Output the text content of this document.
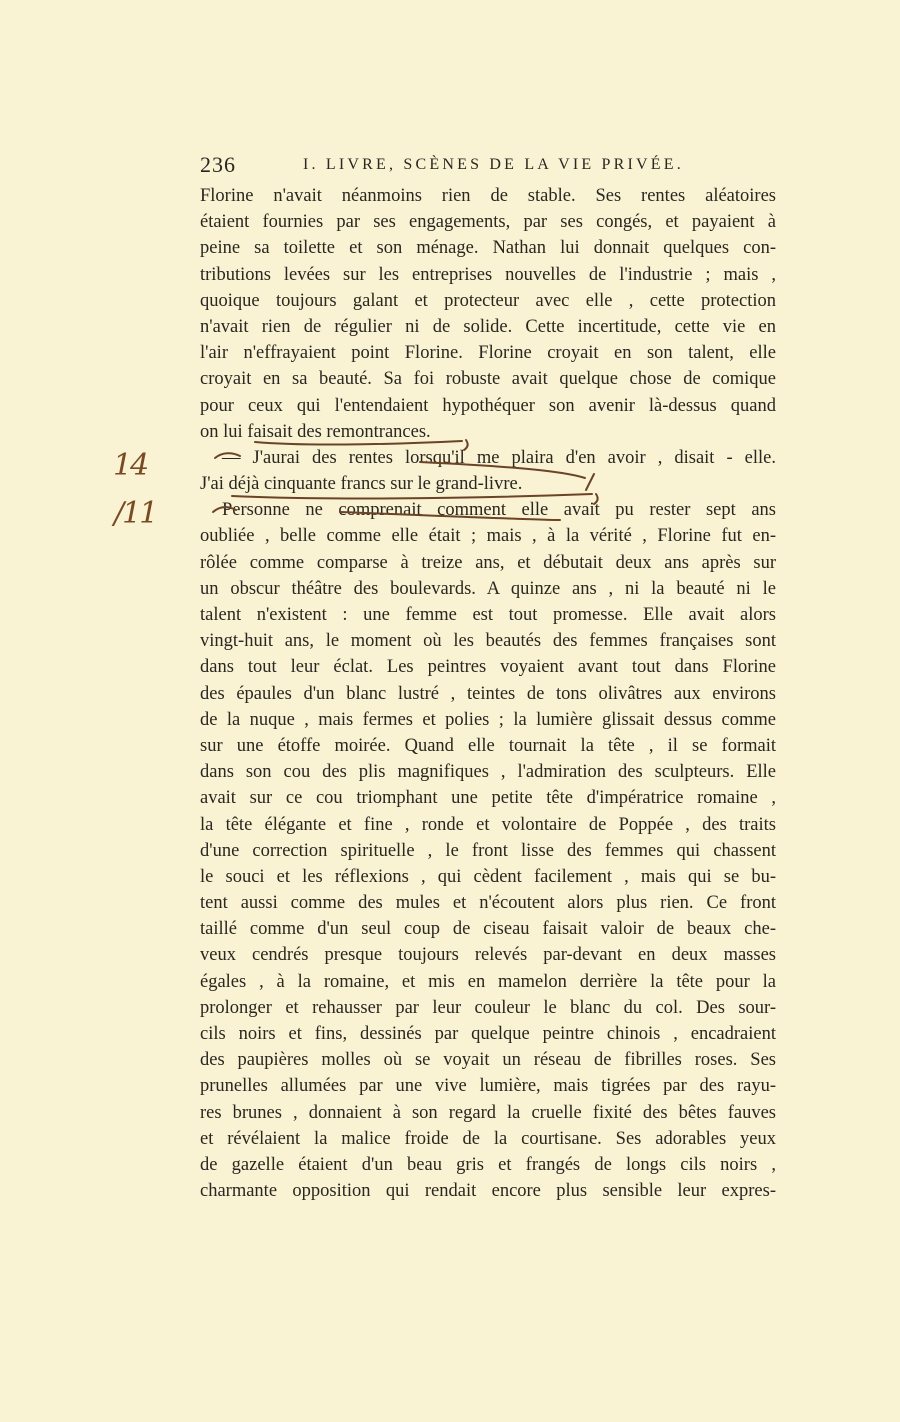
236	I. LIVRE, SCÈNES DE LA VIE PRIVÉE.
14
/11
Florine n'avait néanmoins rien de stable. Ses rentes aléatoires
étaient fournies par ses engagements, par ses congés, et payaient à
peine sa toilette et son ménage. Nathan lui donnait quelques con-
tributions levées sur les entreprises nouvelles de l'industrie ; mais ,
quoique toujours galant et protecteur avec elle , cette protection
n'avait rien de régulier ni de solide. Cette incertitude, cette vie en
l'air n'effrayaient point Florine. Florine croyait en son talent, elle
croyait en sa beauté. Sa foi robuste avait quelque chose de comique
pour ceux qui l'entendaient hypothéquer son avenir là-dessus quand
on lui faisait des remontrances.
— J'aurai des rentes lorsqu'il me plaira d'en avoir , disait - elle.
J'ai déjà cinquante francs sur le grand-livre.
Personne ne comprenait comment elle avait pu rester sept ans
oubliée , belle comme elle était ; mais , à la vérité , Florine fut en-
rôlée comme comparse à treize ans, et débutait deux ans après sur
un obscur théâtre des boulevards. A quinze ans , ni la beauté ni le
talent n'existent : une femme est tout promesse. Elle avait alors
vingt-huit ans, le moment où les beautés des femmes françaises sont
dans tout leur éclat. Les peintres voyaient avant tout dans Florine
des épaules d'un blanc lustré , teintes de tons olivâtres aux environs
de la nuque , mais fermes et polies ; la lumière glissait dessus comme
sur une étoffe moirée. Quand elle tournait la tête , il se formait
dans son cou des plis magnifiques , l'admiration des sculpteurs. Elle
avait sur ce cou triomphant une petite tête d'impératrice romaine ,
la tête élégante et fine , ronde et volontaire de Poppée , des traits
d'une correction spirituelle , le front lisse des femmes qui chassent
le souci et les réflexions , qui cèdent facilement , mais qui se bu-
tent aussi comme des mules et n'écoutent alors plus rien. Ce front
taillé comme d'un seul coup de ciseau faisait valoir de beaux che-
veux cendrés presque toujours relevés par-devant en deux masses
égales , à la romaine, et mis en mamelon derrière la tête pour la
prolonger et rehausser par leur couleur le blanc du col. Des sour-
cils noirs et fins, dessinés par quelque peintre chinois , encadraient
des paupières molles où se voyait un réseau de fibrilles roses. Ses
prunelles allumées par une vive lumière, mais tigrées par des rayu-
res brunes , donnaient à son regard la cruelle fixité des bêtes fauves
et révélaient la malice froide de la courtisane. Ses adorables yeux
de gazelle étaient d'un beau gris et frangés de longs cils noirs ,
charmante opposition qui rendait encore plus sensible leur expres-
